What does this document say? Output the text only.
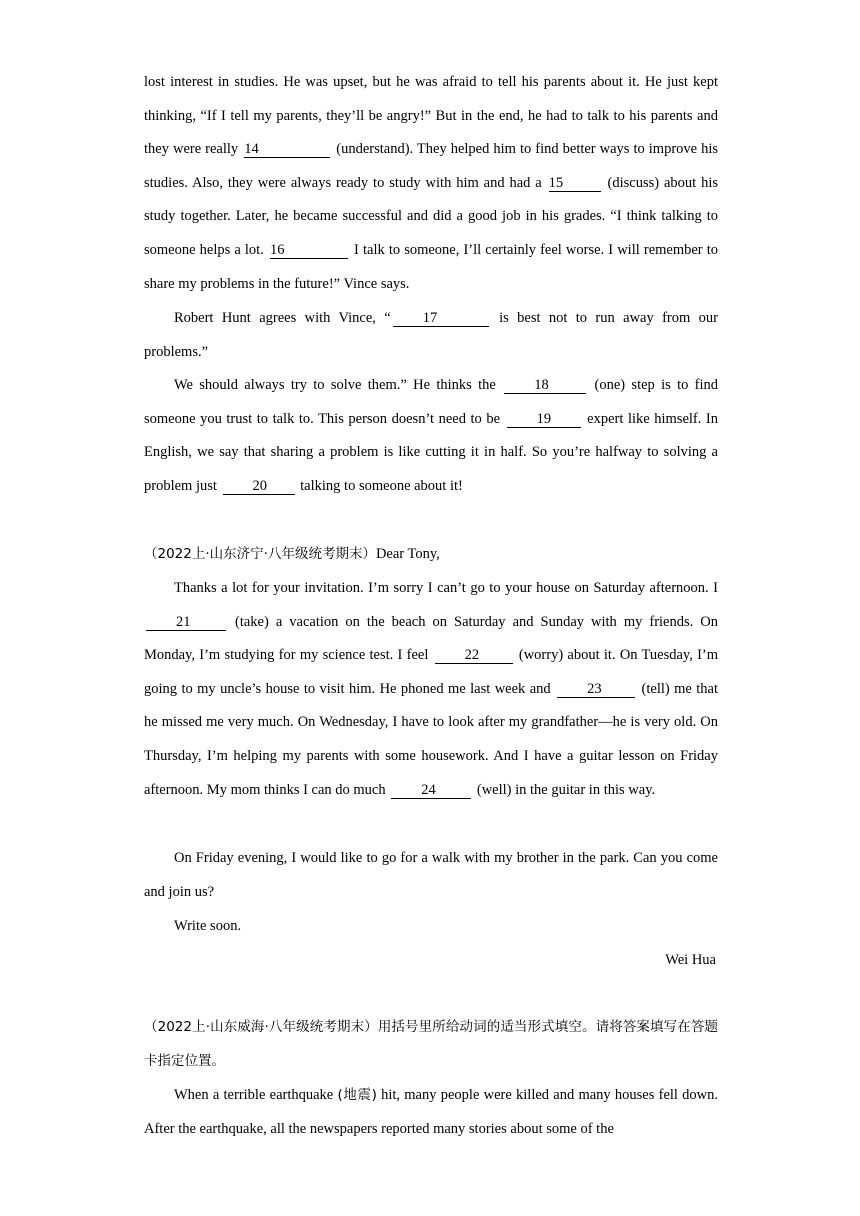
lost interest in studies. He was upset, but he was afraid to tell his parents about it. He just kept thinking, “If I tell my parents, they’ll be angry!” But in the end, he had to talk to his parents and they were really 14	(understand). They helped him to find better ways to improve his studies. Also, they were always ready to study with him and had a 15	(discuss) about his study together. Later, he became successful and did a good job in his grades. “I think talking to someone helps a lot. 16	I talk to someone, I’ll certainly feel worse. I will remember to share my problems in the future!” Vince says.

Robert Hunt agrees with Vince, “ 17	is best not to run away from our problems.”

We should always try to solve them.” He thinks the	18	(one) step is to find someone you trust to talk to. This person doesn’t need to be	19 expert like himself. In English, we say that sharing a problem is like cutting it in half. So you’re halfway to solving a problem just 20 talking to someone about it!

（2022上·山东济宁·八年级统考期末）Dear Tony,

Thanks a lot for your invitation. I’m sorry I can’t go to your house on Saturday afternoon. I 21	(take) a vacation on the beach on Saturday and Sunday with my friends. On Monday, I’m studying for my science test. I feel	22	(worry) about it. On Tuesday, I’m going to my uncle’s house to visit him. He phoned me last week and	23	(tell) me that he missed me very much. On Wednesday, I have to look after my grandfather—he is very old. On Thursday, I’m helping my parents with some housework. And I have a guitar lesson on Friday afternoon. My mom thinks I can do much 24	(well) in the guitar in this way.

On Friday evening, I would like to go for a walk with my brother in the park. Can you come and join us?

Write soon.

Wei Hua

（2022上·山东威海·八年级统考期末）用括号里所给动词的适当形式填空。请将答案填写在答题卡指定位置。

When a terrible earthquake (地震) hit, many people were killed and many houses fell down. After the earthquake, all the newspapers reported many stories about some of the
